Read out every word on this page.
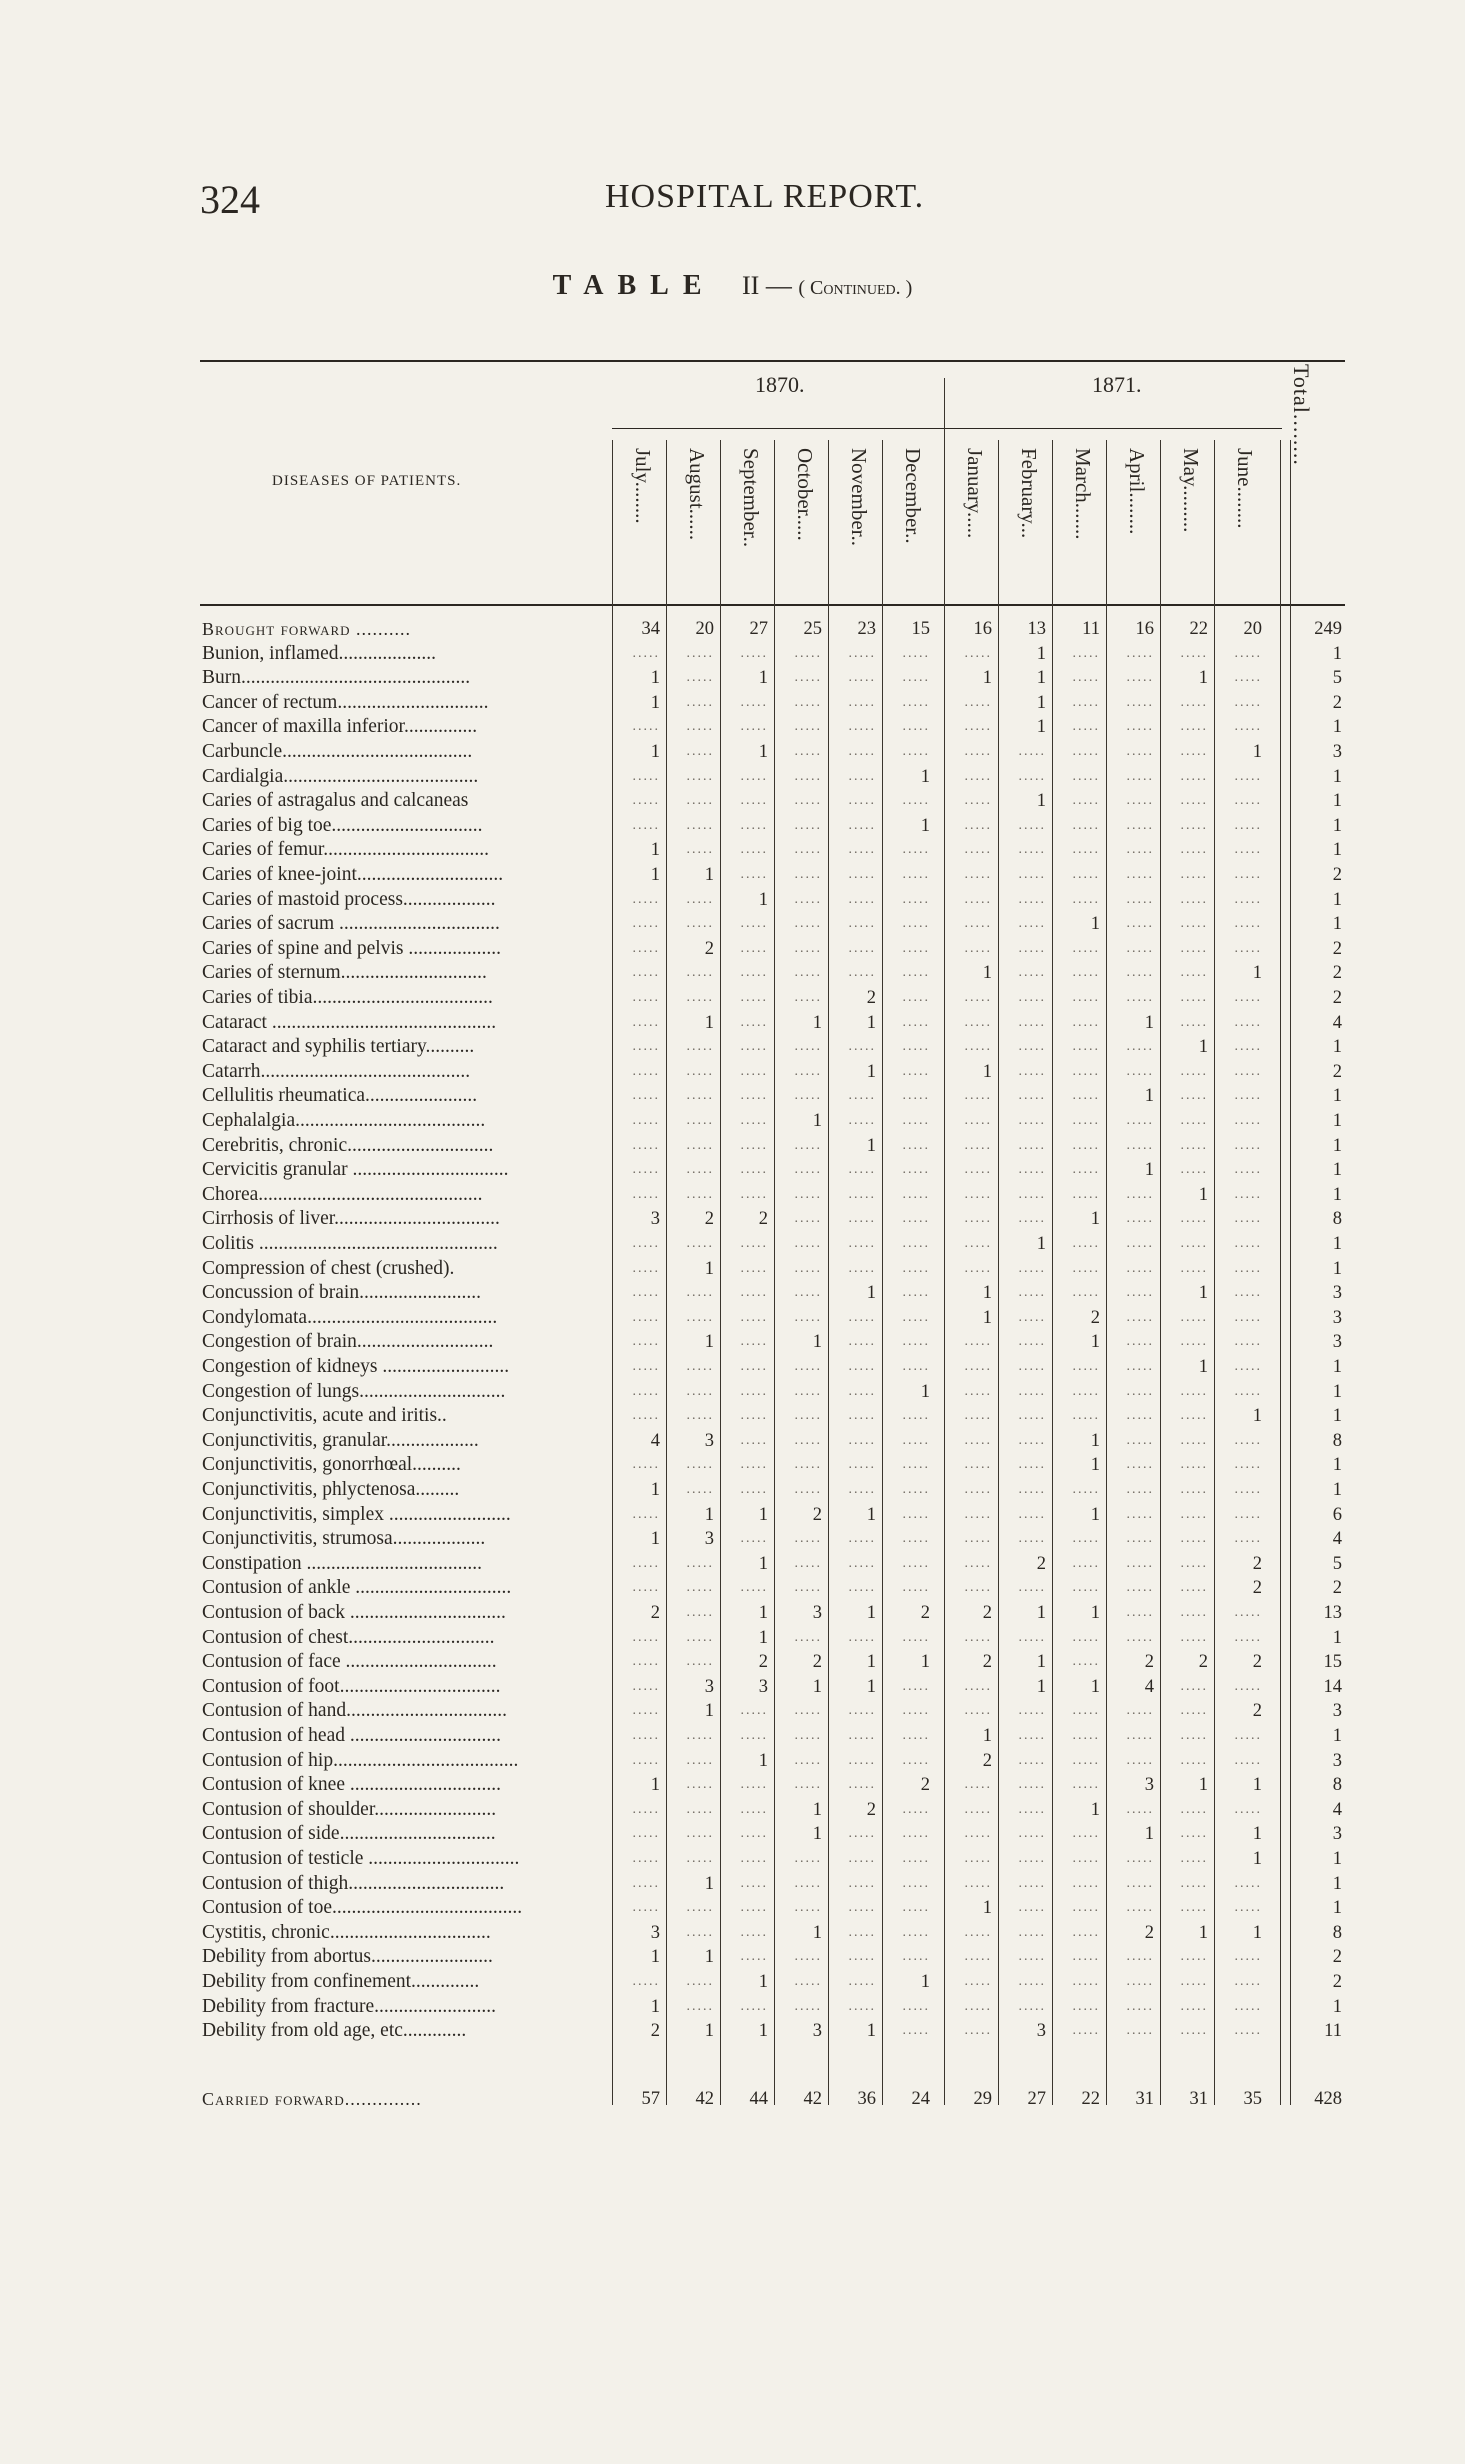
324	HOSPITAL REPORT.
TABLE II — ( Continued. )
1870.	1871.
DISEASES OF PATIENTS.
Total........
July........ August...... September.. October..... November.. December.. January..... February... March....... April........ May......... June........
Brought forward ..........	34	20	27	25	23	15	16	13	11	16	22	20	249
Bunion, inflamed....................	.....	.....	.....	.....	.....	.....	.....	1	.....	.....	.....	.....	1
Burn...............................................	1	.....	1	.....	.....	.....	1	1	.....	.....	1	.....	5
Cancer of rectum...............................	1	.....	.....	.....	.....	.....	.....	1	.....	.....	.....	.....	2
Cancer of maxilla inferior...............	.....	.....	.....	.....	.....	.....	.....	1	.....	.....	.....	.....	1
Carbuncle.......................................	1	.....	1	.....	.....	.....	.....	.....	.....	.....	.....	1	3
Cardialgia........................................	.....	.....	.....	.....	.....	1	.....	.....	.....	.....	.....	.....	1
Caries of astragalus and calcaneas	.....	.....	.....	.....	.....	.....	.....	1	.....	.....	.....	.....	1
Caries of big toe...............................	.....	.....	.....	.....	.....	1	.....	.....	.....	.....	.....	.....	1
Caries of femur..................................	1	.....	.....	.....	.....	.....	.....	.....	.....	.....	.....	.....	1
Caries of knee-joint..............................	1	1	.....	.....	.....	.....	.....	.....	.....	.....	.....	.....	2
Caries of mastoid process...................	.....	.....	1	.....	.....	.....	.....	.....	.....	.....	.....	.....	1
Caries of sacrum .................................	.....	.....	.....	.....	.....	.....	.....	.....	1	.....	.....	.....	1
Caries of spine and pelvis ...................	.....	2	.....	.....	.....	.....	.....	.....	.....	.....	.....	.....	2
Caries of sternum..............................	.....	.....	.....	.....	.....	.....	1	.....	.....	.....	.....	1	2
Caries of tibia.....................................	.....	.....	.....	.....	2	.....	.....	.....	.....	.....	.....	.....	2
Cataract ..............................................	.....	1	.....	1	1	.....	.....	.....	.....	1	.....	.....	4
Cataract and syphilis tertiary..........	.....	.....	.....	.....	.....	.....	.....	.....	.....	.....	1	.....	1
Catarrh...........................................	.....	.....	.....	.....	1	.....	1	.....	.....	.....	.....	.....	2
Cellulitis rheumatica.......................	.....	.....	.....	.....	.....	.....	.....	.....	.....	1	.....	.....	1
Cephalalgia.......................................	.....	.....	.....	1	.....	.....	.....	.....	.....	.....	.....	.....	1
Cerebritis, chronic..............................	.....	.....	.....	.....	1	.....	.....	.....	.....	.....	.....	.....	1
Cervicitis granular ................................	.....	.....	.....	.....	.....	.....	.....	.....	.....	1	.....	.....	1
Chorea..............................................	.....	.....	.....	.....	.....	.....	.....	.....	.....	.....	1	.....	1
Cirrhosis of liver..................................	3	2	2	.....	.....	.....	.....	.....	1	.....	.....	.....	8
Colitis .................................................	.....	.....	.....	.....	.....	.....	.....	1	.....	.....	.....	.....	1
Compression of chest (crushed).	.....	1	.....	.....	.....	.....	.....	.....	.....	.....	.....	.....	1
Concussion of brain.........................	.....	.....	.....	.....	1	.....	1	.....	.....	.....	1	.....	3
Condylomata.......................................	.....	.....	.....	.....	.....	.....	1	.....	2	.....	.....	.....	3
Congestion of brain............................	.....	1	.....	1	.....	.....	.....	.....	1	.....	.....	.....	3
Congestion of kidneys ..........................	.....	.....	.....	.....	.....	.....	.....	.....	.....	.....	1	.....	1
Congestion of lungs..............................	.....	.....	.....	.....	.....	1	.....	.....	.....	.....	.....	.....	1
Conjunctivitis, acute and iritis..	.....	.....	.....	.....	.....	.....	.....	.....	.....	.....	.....	1	1
Conjunctivitis, granular...................	4	3	.....	.....	.....	.....	.....	.....	1	.....	.....	.....	8
Conjunctivitis, gonorrhœal..........	.....	.....	.....	.....	.....	.....	.....	.....	1	.....	.....	.....	1
Conjunctivitis, phlyctenosa.........	1	.....	.....	.....	.....	.....	.....	.....	.....	.....	.....	.....	1
Conjunctivitis, simplex .........................	.....	1	1	2	1	.....	.....	.....	1	.....	.....	.....	6
Conjunctivitis, strumosa...................	1	3	.....	.....	.....	.....	.....	.....	.....	.....	.....	.....	4
Constipation ....................................	.....	.....	1	.....	.....	.....	.....	2	.....	.....	.....	2	5
Contusion of ankle ................................	.....	.....	.....	.....	.....	.....	.....	.....	.....	.....	.....	2	2
Contusion of back ................................	2	.....	1	3	1	2	2	1	1	.....	.....	.....	13
Contusion of chest..............................	.....	.....	1	.....	.....	.....	.....	.....	.....	.....	.....	.....	1
Contusion of face ...............................	.....	.....	2	2	1	1	2	1	.....	2	2	2	15
Contusion of foot.................................	.....	3	3	1	1	.....	.....	1	1	4	.....	.....	14
Contusion of hand.................................	.....	1	.....	.....	.....	.....	.....	.....	.....	.....	.....	2	3
Contusion of head ...............................	.....	.....	.....	.....	.....	.....	1	.....	.....	.....	.....	.....	1
Contusion of hip......................................	.....	.....	1	.....	.....	.....	2	.....	.....	.....	.....	.....	3
Contusion of knee ...............................	1	.....	.....	.....	.....	2	.....	.....	.....	3	1	1	8
Contusion of shoulder.........................	.....	.....	.....	1	2	.....	.....	.....	1	.....	.....	.....	4
Contusion of side................................	.....	.....	.....	1	.....	.....	.....	.....	.....	1	.....	1	3
Contusion of testicle ...............................	.....	.....	.....	.....	.....	.....	.....	.....	.....	.....	.....	1	1
Contusion of thigh................................	.....	1	.....	.....	.....	.....	.....	.....	.....	.....	.....	.....	1
Contusion of toe.......................................	.....	.....	.....	.....	.....	.....	1	.....	.....	.....	.....	.....	1
Cystitis, chronic.................................	3	.....	.....	1	.....	.....	.....	.....	.....	2	1	1	8
Debility from abortus.........................	1	1	.....	.....	.....	.....	.....	.....	.....	.....	.....	.....	2
Debility from confinement..............	.....	.....	1	.....	.....	1	.....	.....	.....	.....	.....	.....	2
Debility from fracture.........................	1	.....	.....	.....	.....	.....	.....	.....	.....	.....	.....	.....	1
Debility from old age, etc.............	2	1	1	3	1	.....	.....	3	.....	.....	.....	.....	11
Carried forward..............	57	42	44	42	36	24	29	27	22	31	31	35	428
